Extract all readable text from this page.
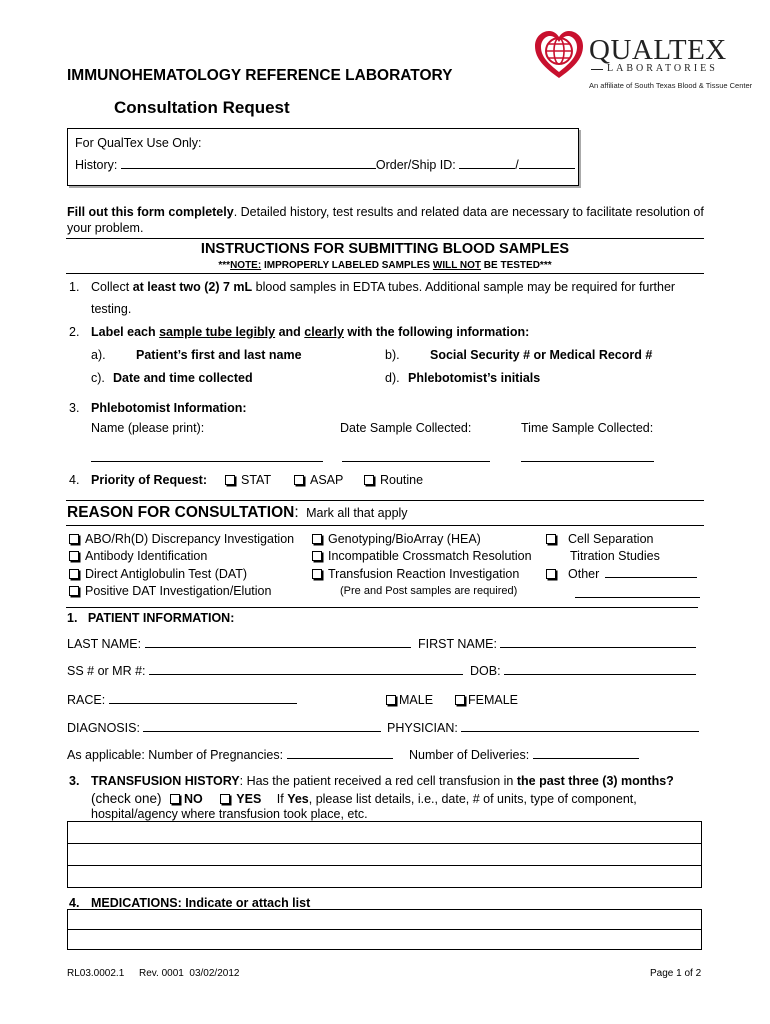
QUALTEX
LABORATORIES
An affiliate of South Texas Blood & Tissue Center
IMMUNOHEMATOLOGY REFERENCE LABORATORY
Consultation Request
For QualTex Use Only:
History:	Order/Ship ID:	/
Fill out this form completely. Detailed history, test results and related data are necessary to facilitate resolution of your problem.
INSTRUCTIONS FOR SUBMITTING BLOOD SAMPLES
***NOTE: IMPROPERLY LABELED SAMPLES WILL NOT BE TESTED***
1. Collect at least two (2) 7 mL blood samples in EDTA tubes. Additional sample may be required for further
testing.
2. Label each sample tube legibly and clearly with the following information:
a). Patient’s first and last name	b). Social Security # or Medical Record #
c). Date and time collected	d). Phlebotomist’s initials
3. Phlebotomist Information:
Name (please print):	Date Sample Collected:	Time Sample Collected:
4. Priority of Request:	STAT	ASAP	Routine
REASON FOR CONSULTATION: Mark all that apply
ABO/Rh(D) Discrepancy Investigation
Antibody Identification
Direct Antiglobulin Test (DAT)
Positive DAT Investigation/Elution
Genotyping/BioArray (HEA)
Incompatible Crossmatch Resolution
Transfusion Reaction Investigation
(Pre and Post samples are required)
Cell Separation
Titration Studies
Other
1.   PATIENT INFORMATION:
LAST NAME:	FIRST NAME:
SS # or MR #:	DOB:
RACE:	MALE	FEMALE
DIAGNOSIS:	PHYSICIAN:
As applicable: Number of Pregnancies:	Number of Deliveries:
3. TRANSFUSION HISTORY: Has the patient received a red cell transfusion in the past three (3) months?
(check one) NO	YES If Yes, please list details, i.e., date, # of units, type of component,
hospital/agency where transfusion took place, etc.

4. MEDICATIONS: Indicate or attach list

RL03.0002.1 Rev. 0001  03/02/2012	Page 1 of 2
